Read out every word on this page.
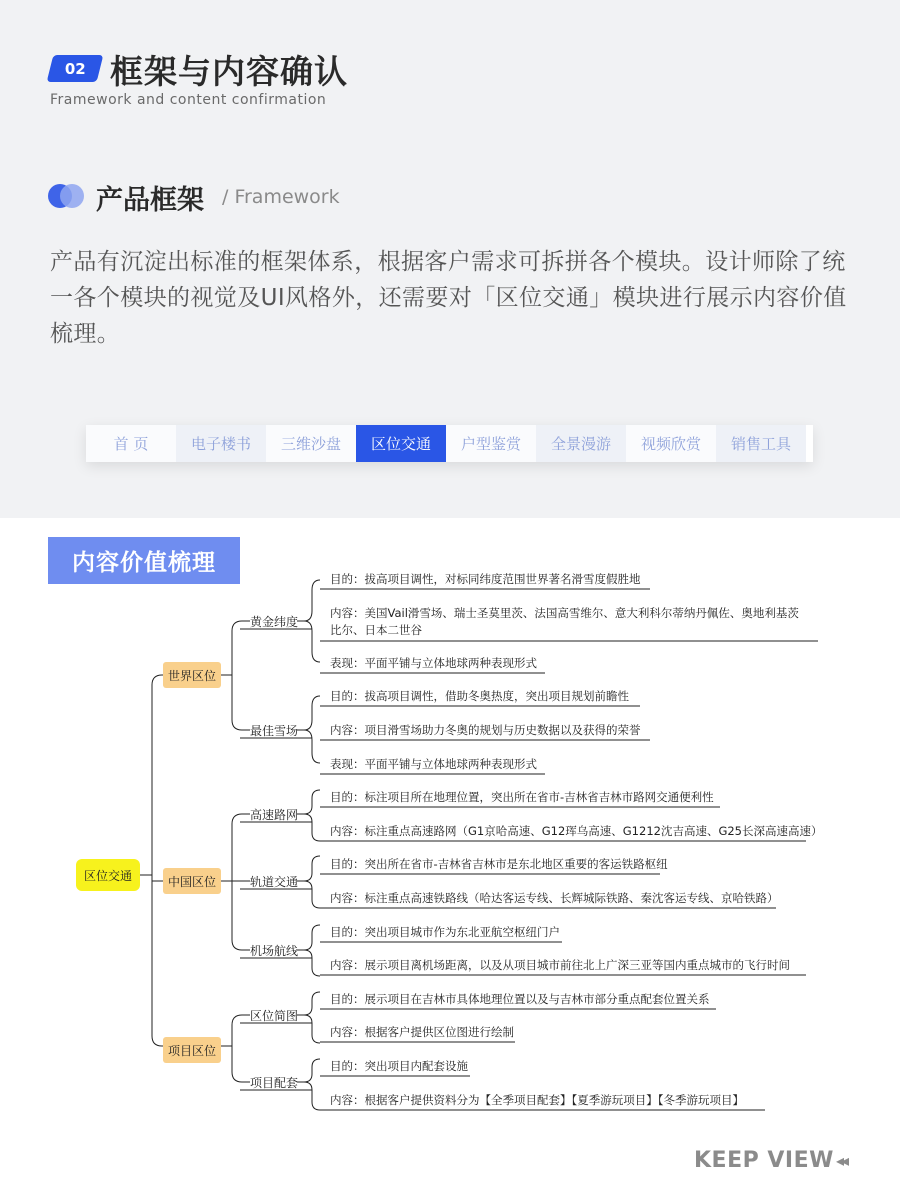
02 框架与内容确认
Framework and content confirmation
产品框架 / Framework
产品有沉淀出标准的框架体系，根据客户需求可拆拼各个模块。设计师除了统一各个模块的视觉及UI风格外，还需要对「区位交通」模块进行展示内容价值梳理。
首 页	电子楼书	三维沙盘	区位交通	户型鉴赏	全景漫游	视频欣赏	销售工具
内容价值梳理
区位交通
世界区位
中国区位
项目区位
黄金纬度
最佳雪场
高速路网
轨道交通
机场航线
区位简图
项目配套
目的：拔高项目调性，对标同纬度范围世界著名滑雪度假胜地
内容：美国Vail滑雪场、瑞士圣莫里茨、法国高雪维尔、意大利科尔蒂纳丹佩佐、奥地利基茨比尔、日本二世谷
表现：平面平铺与立体地球两种表现形式
目的：拔高项目调性，借助冬奥热度，突出项目规划前瞻性
内容：项目滑雪场助力冬奥的规划与历史数据以及获得的荣誉
表现：平面平铺与立体地球两种表现形式
目的：标注项目所在地理位置，突出所在省市-吉林省吉林市路网交通便利性
内容：标注重点高速路网（G1京哈高速、G12珲乌高速、G1212沈吉高速、G25长深高速高速）
目的：突出所在省市-吉林省吉林市是东北地区重要的客运铁路枢纽
内容：标注重点高速铁路线（哈达客运专线、长辉城际铁路、秦沈客运专线、京哈铁路）
目的：突出项目城市作为东北亚航空枢纽门户
内容：展示项目离机场距离，以及从项目城市前往北上广深三亚等国内重点城市的飞行时间
目的：展示项目在吉林市具体地理位置以及与吉林市部分重点配套位置关系
内容：根据客户提供区位图进行绘制
目的：突出项目内配套设施
内容：根据客户提供资料分为【全季项目配套】【夏季游玩项目】【冬季游玩项目】
KEEP VIEW ◂◂
